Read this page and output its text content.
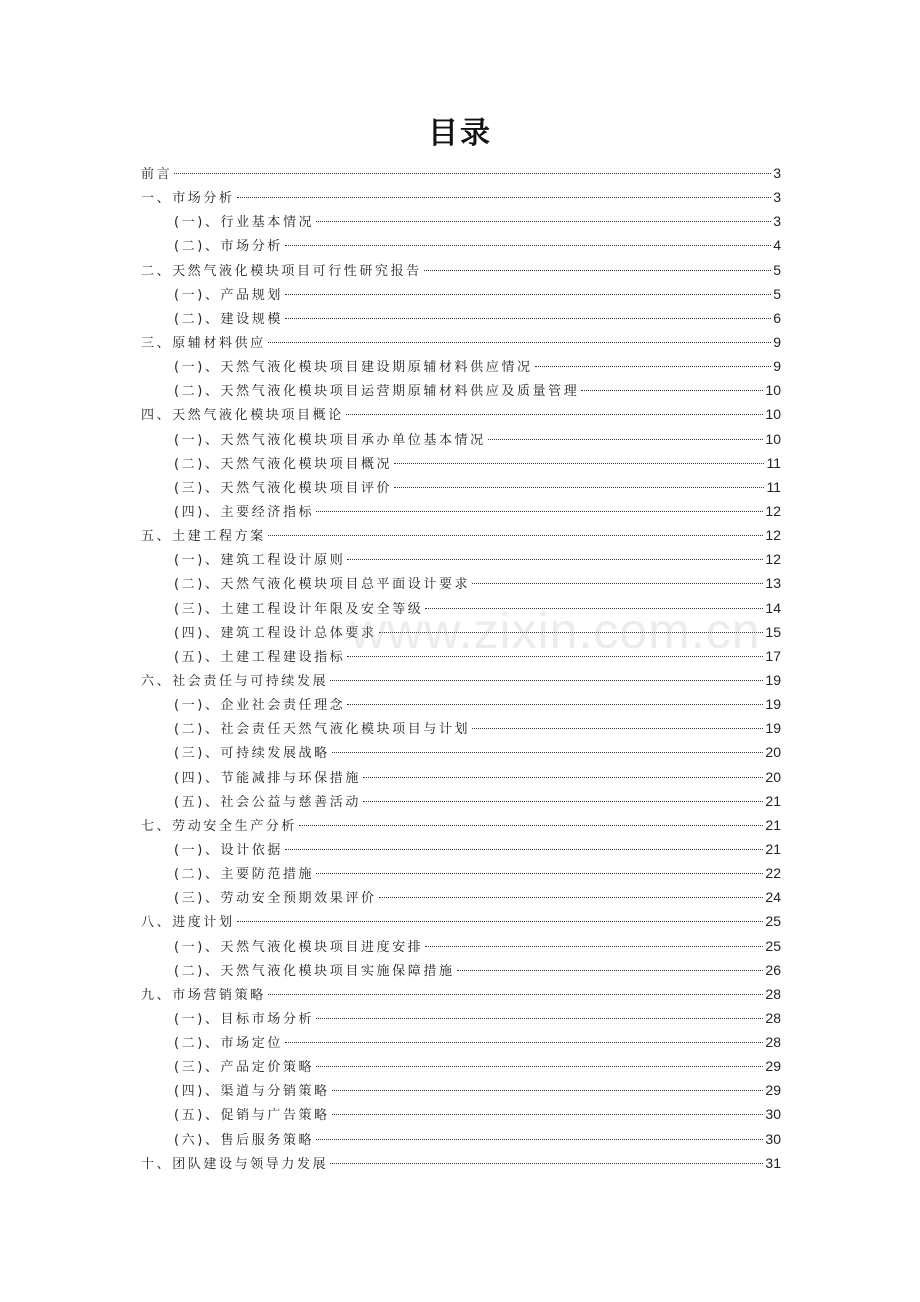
目录
前言	3
一、市场分析	3
(一)、行业基本情况	3
(二)、市场分析	4
二、天然气液化模块项目可行性研究报告	5
(一)、产品规划	5
(二)、建设规模	6
三、原辅材料供应	9
(一)、天然气液化模块项目建设期原辅材料供应情况	9
(二)、天然气液化模块项目运营期原辅材料供应及质量管理	10
四、天然气液化模块项目概论	10
(一)、天然气液化模块项目承办单位基本情况	10
(二)、天然气液化模块项目概况	11
(三)、天然气液化模块项目评价	11
(四)、主要经济指标	12
五、土建工程方案	12
(一)、建筑工程设计原则	12
(二)、天然气液化模块项目总平面设计要求	13
(三)、土建工程设计年限及安全等级	14
(四)、建筑工程设计总体要求	15
(五)、土建工程建设指标	17
六、社会责任与可持续发展	19
(一)、企业社会责任理念	19
(二)、社会责任天然气液化模块项目与计划	19
(三)、可持续发展战略	20
(四)、节能减排与环保措施	20
(五)、社会公益与慈善活动	21
七、劳动安全生产分析	21
(一)、设计依据	21
(二)、主要防范措施	22
(三)、劳动安全预期效果评价	24
八、进度计划	25
(一)、天然气液化模块项目进度安排	25
(二)、天然气液化模块项目实施保障措施	26
九、市场营销策略	28
(一)、目标市场分析	28
(二)、市场定位	28
(三)、产品定价策略	29
(四)、渠道与分销策略	29
(五)、促销与广告策略	30
(六)、售后服务策略	30
十、团队建设与领导力发展	31
www.zixin.com.cn
